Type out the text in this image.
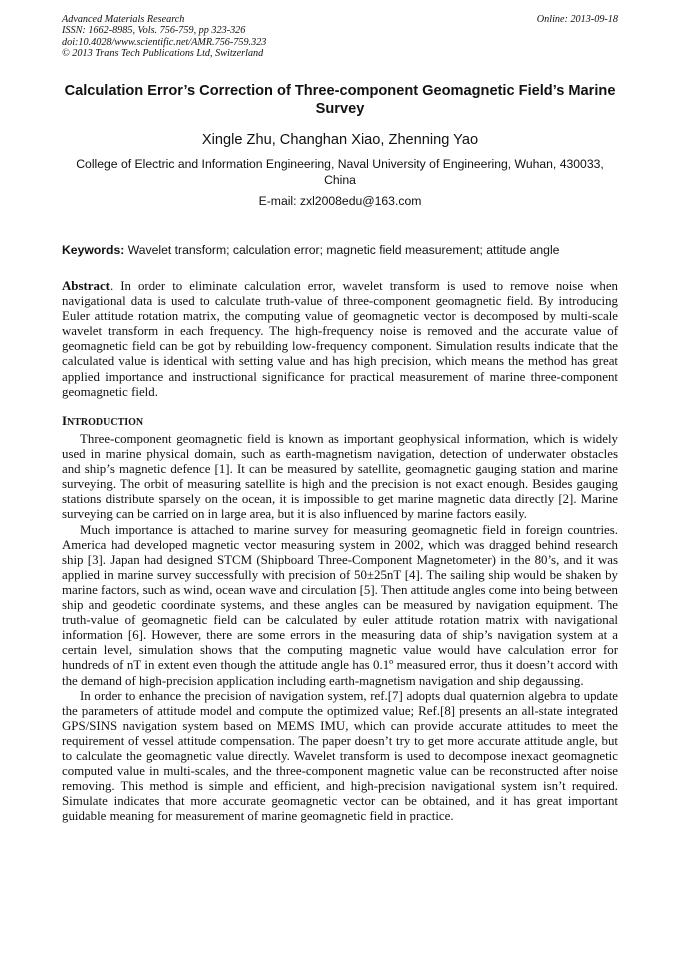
Advanced Materials Research
ISSN: 1662-8985, Vols. 756-759, pp 323-326
doi:10.4028/www.scientific.net/AMR.756-759.323
© 2013 Trans Tech Publications Ltd, Switzerland
Online: 2013-09-18
Calculation Error’s Correction of Three-component Geomagnetic Field’s Marine Survey
Xingle Zhu, Changhan Xiao, Zhenning Yao
College of Electric and Information Engineering, Naval University of Engineering, Wuhan, 430033, China
E-mail: zxl2008edu@163.com
Keywords: Wavelet transform; calculation error; magnetic field measurement; attitude angle
Abstract. In order to eliminate calculation error, wavelet transform is used to remove noise when navigational data is used to calculate truth-value of three-component geomagnetic field. By introducing Euler attitude rotation matrix, the computing value of geomagnetic vector is decomposed by multi-scale wavelet transform in each frequency. The high-frequency noise is removed and the accurate value of geomagnetic field can be got by rebuilding low-frequency component. Simulation results indicate that the calculated value is identical with setting value and has high precision, which means the method has great applied importance and instructional significance for practical measurement of marine three-component geomagnetic field.
INTRODUCTION

Three-component geomagnetic field is known as important geophysical information, which is widely used in marine physical domain, such as earth-magnetism navigation, detection of underwater obstacles and ship’s magnetic defence [1]. It can be measured by satellite, geomagnetic gauging station and marine surveying. The orbit of measuring satellite is high and the precision is not exact enough. Besides gauging stations distribute sparsely on the ocean, it is impossible to get marine magnetic data directly [2]. Marine surveying can be carried on in large area, but it is also influenced by marine factors easily.

Much importance is attached to marine survey for measuring geomagnetic field in foreign countries. America had developed magnetic vector measuring system in 2002, which was dragged behind research ship [3]. Japan had designed STCM (Shipboard Three-Component Magnetometer) in the 80’s, and it was applied in marine survey successfully with precision of 50±25nT [4]. The sailing ship would be shaken by marine factors, such as wind, ocean wave and circulation [5]. Then attitude angles come into being between ship and geodetic coordinate systems, and these angles can be measured by navigation equipment. The truth-value of geomagnetic field can be calculated by euler attitude rotation matrix with navigational information [6]. However, there are some errors in the measuring data of ship’s navigation system at a certain level, simulation shows that the computing magnetic value would have calculation error for hundreds of nT in extent even though the attitude angle has 0.1º measured error, thus it doesn’t accord with the demand of high-precision application including earth-magnetism navigation and ship degaussing.

In order to enhance the precision of navigation system, ref.[7] adopts dual quaternion algebra to update the parameters of attitude model and compute the optimized value; Ref.[8] presents an all-state integrated GPS/SINS navigation system based on MEMS IMU, which can provide accurate attitudes to meet the requirement of vessel attitude compensation. The paper doesn’t try to get more accurate attitude angle, but to calculate the geomagnetic value directly. Wavelet transform is used to decompose inexact geomagnetic computed value in multi-scales, and the three-component magnetic value can be reconstructed after noise removing. This method is simple and efficient, and high-precision navigational system isn’t required. Simulate indicates that more accurate geomagnetic vector can be obtained, and it has great important guidable meaning for measurement of marine geomagnetic field in practice.
